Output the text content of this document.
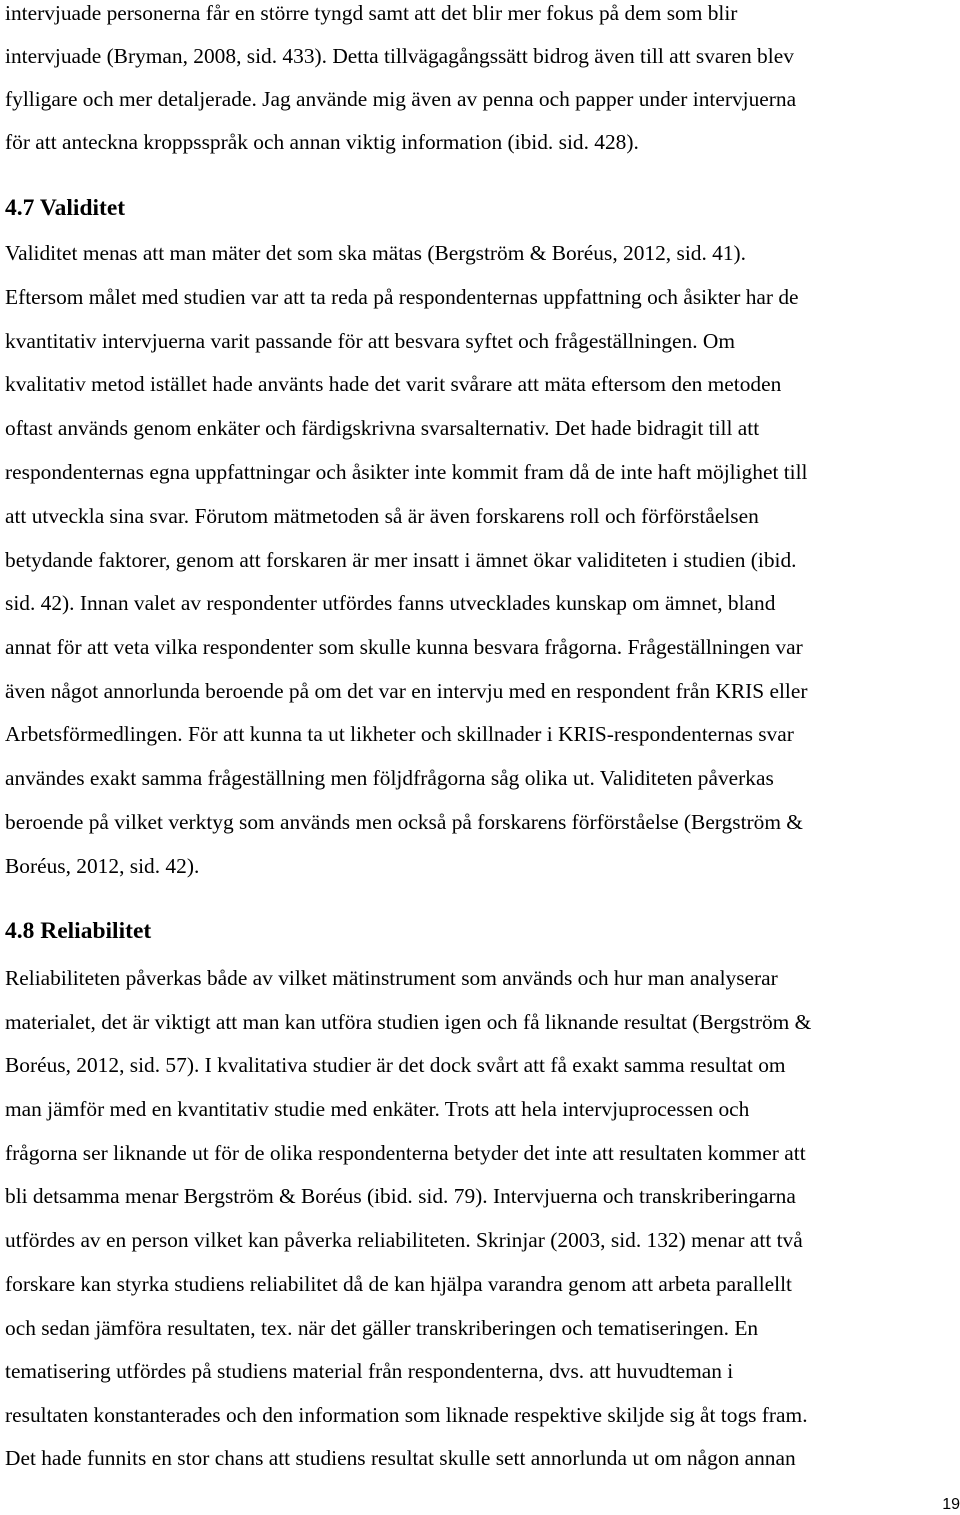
intervjuade personerna får en större tyngd samt att det blir mer fokus på dem som blir
intervjuade (Bryman, 2008, sid. 433). Detta tillvägagångssätt bidrog även till att svaren blev
fylligare och mer detaljerade. Jag använde mig även av penna och papper under intervjuerna
för att anteckna kroppsspråk och annan viktig information (ibid. sid. 428).
4.7 Validitet
Validitet menas att man mäter det som ska mätas (Bergström & Boréus, 2012, sid. 41).
Eftersom målet med studien var att ta reda på respondenternas uppfattning och åsikter har de
kvantitativ intervjuerna varit passande för att besvara syftet och frågeställningen. Om
kvalitativ metod istället hade använts hade det varit svårare att mäta eftersom den metoden
oftast används genom enkäter och färdigskrivna svarsalternativ. Det hade bidragit till att
respondenternas egna uppfattningar och åsikter inte kommit fram då de inte haft möjlighet till
att utveckla sina svar. Förutom mätmetoden så är även forskarens roll och förförståelsen
betydande faktorer, genom att forskaren är mer insatt i ämnet ökar validiteten i studien (ibid.
sid. 42). Innan valet av respondenter utfördes fanns utvecklades kunskap om ämnet, bland
annat för att veta vilka respondenter som skulle kunna besvara frågorna. Frågeställningen var
även något annorlunda beroende på om det var en intervju med en respondent från KRIS eller
Arbetsförmedlingen. För att kunna ta ut likheter och skillnader i KRIS-respondenternas svar
användes exakt samma frågeställning men följdfrågorna såg olika ut. Validiteten påverkas
beroende på vilket verktyg som används men också på forskarens förförståelse (Bergström &
Boréus, 2012, sid. 42).
4.8 Reliabilitet
Reliabiliteten påverkas både av vilket mätinstrument som används och hur man analyserar
materialet, det är viktigt att man kan utföra studien igen och få liknande resultat (Bergström &
Boréus, 2012, sid. 57). I kvalitativa studier är det dock svårt att få exakt samma resultat om
man jämför med en kvantitativ studie med enkäter. Trots att hela intervjuprocessen och
frågorna ser liknande ut för de olika respondenterna betyder det inte att resultaten kommer att
bli detsamma menar Bergström & Boréus (ibid. sid. 79). Intervjuerna och transkriberingarna
utfördes av en person vilket kan påverka reliabiliteten. Skrinjar (2003, sid. 132) menar att två
forskare kan styrka studiens reliabilitet då de kan hjälpa varandra genom att arbeta parallellt
och sedan jämföra resultaten, tex. när det gäller transkriberingen och tematiseringen. En
tematisering utfördes på studiens material från respondenterna, dvs. att huvudteman i
resultaten konstanterades och den information som liknade respektive skiljde sig åt togs fram.
Det hade funnits en stor chans att studiens resultat skulle sett annorlunda ut om någon annan
19
